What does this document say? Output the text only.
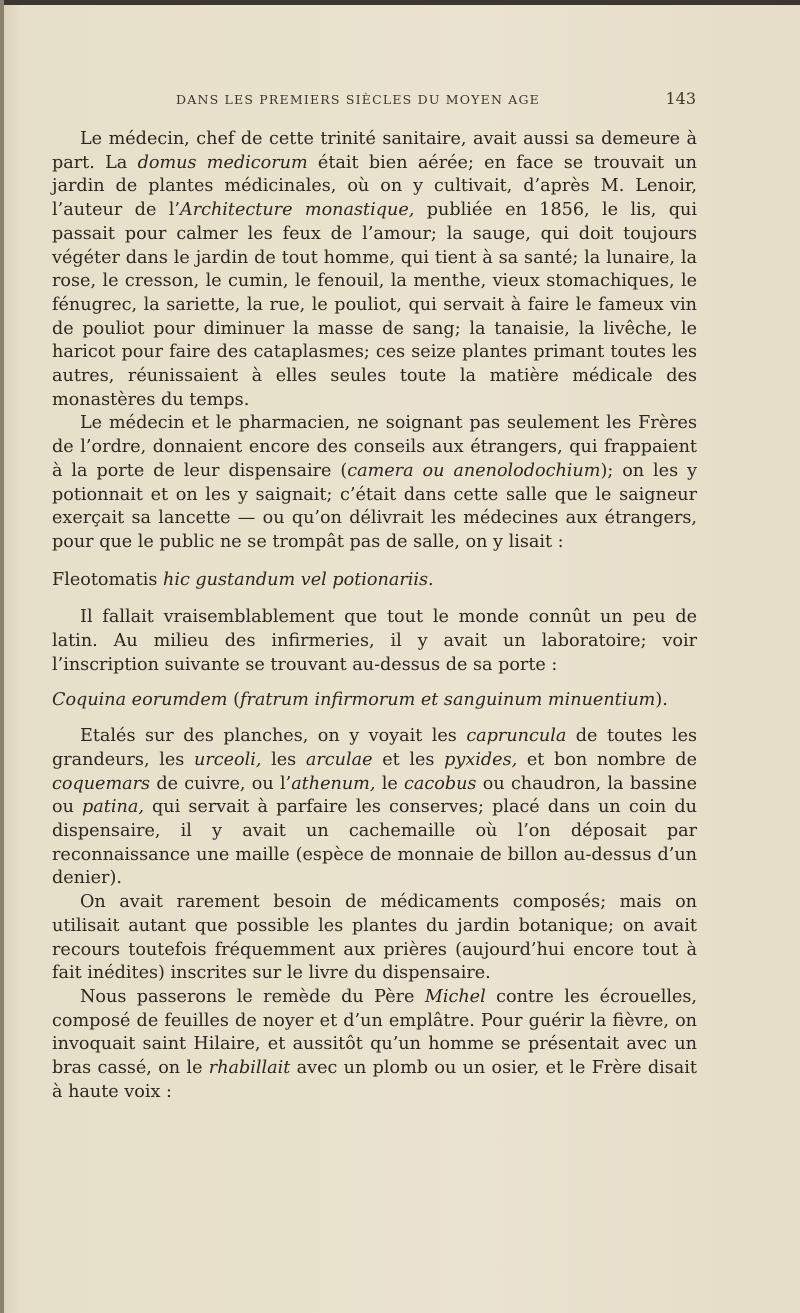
DANS LES PREMIERS SIÈCLES DU MOYEN AGE	143

Le médecin, chef de cette trinité sanitaire, avait aussi sa demeure à part. La domus medicorum était bien aérée; en face se trouvait un jardin de plantes médicinales, où on y cultivait, d’après M. Lenoir, l’auteur de l’Architecture monastique, publiée en 1856, le lis, qui passait pour calmer les feux de l’amour; la sauge, qui doit toujours végéter dans le jardin de tout homme, qui tient à sa santé; la lunaire, la rose, le cresson, le cumin, le fenouil, la menthe, vieux stomachiques, le fénugrec, la sariette, la rue, le pouliot, qui servait à faire le fameux vin de pouliot pour diminuer la masse de sang; la tanaisie, la livêche, le haricot pour faire des cataplasmes; ces seize plantes primant toutes les autres, réunissaient à elles seules toute la matière médicale des monastères du temps.

Le médecin et le pharmacien, ne soignant pas seulement les Frères de l’ordre, donnaient encore des conseils aux étrangers, qui frappaient à la porte de leur dispensaire (camera ou anenolodochium); on les y potionnait et on les y saignait; c’était dans cette salle que le saigneur exerçait sa lancette — ou qu’on délivrait les médecines aux étrangers, pour que le public ne se trompât pas de salle, on y lisait :

Fleotomatis hic gustandum vel potionariis.

Il fallait vraisemblablement que tout le monde connût un peu de latin. Au milieu des infirmeries, il y avait un laboratoire; voir l’inscription suivante se trouvant au-dessus de sa porte :

Coquina eorumdem (fratrum infirmorum et sanguinum minuentium).

Etalés sur des planches, on y voyait les capruncula de toutes les grandeurs, les urceoli, les arculae et les pyxides, et bon nombre de coquemars de cuivre, ou l’athenum, le cacobus ou chaudron, la bassine ou patina, qui servait à parfaire les conserves; placé dans un coin du dispensaire, il y avait un cachemaille où l’on déposait par reconnaissance une maille (espèce de monnaie de billon au-dessus d’un denier).

On avait rarement besoin de médicaments composés; mais on utilisait autant que possible les plantes du jardin botanique; on avait recours toutefois fréquemment aux prières (aujourd’hui encore tout à fait inédites) inscrites sur le livre du dispensaire.

Nous passerons le remède du Père Michel contre les écrouelles, composé de feuilles de noyer et d’un emplâtre. Pour guérir la fièvre, on invoquait saint Hilaire, et aussitôt qu’un homme se présentait avec un bras cassé, on le rhabillait avec un plomb ou un osier, et le Frère disait à haute voix :
